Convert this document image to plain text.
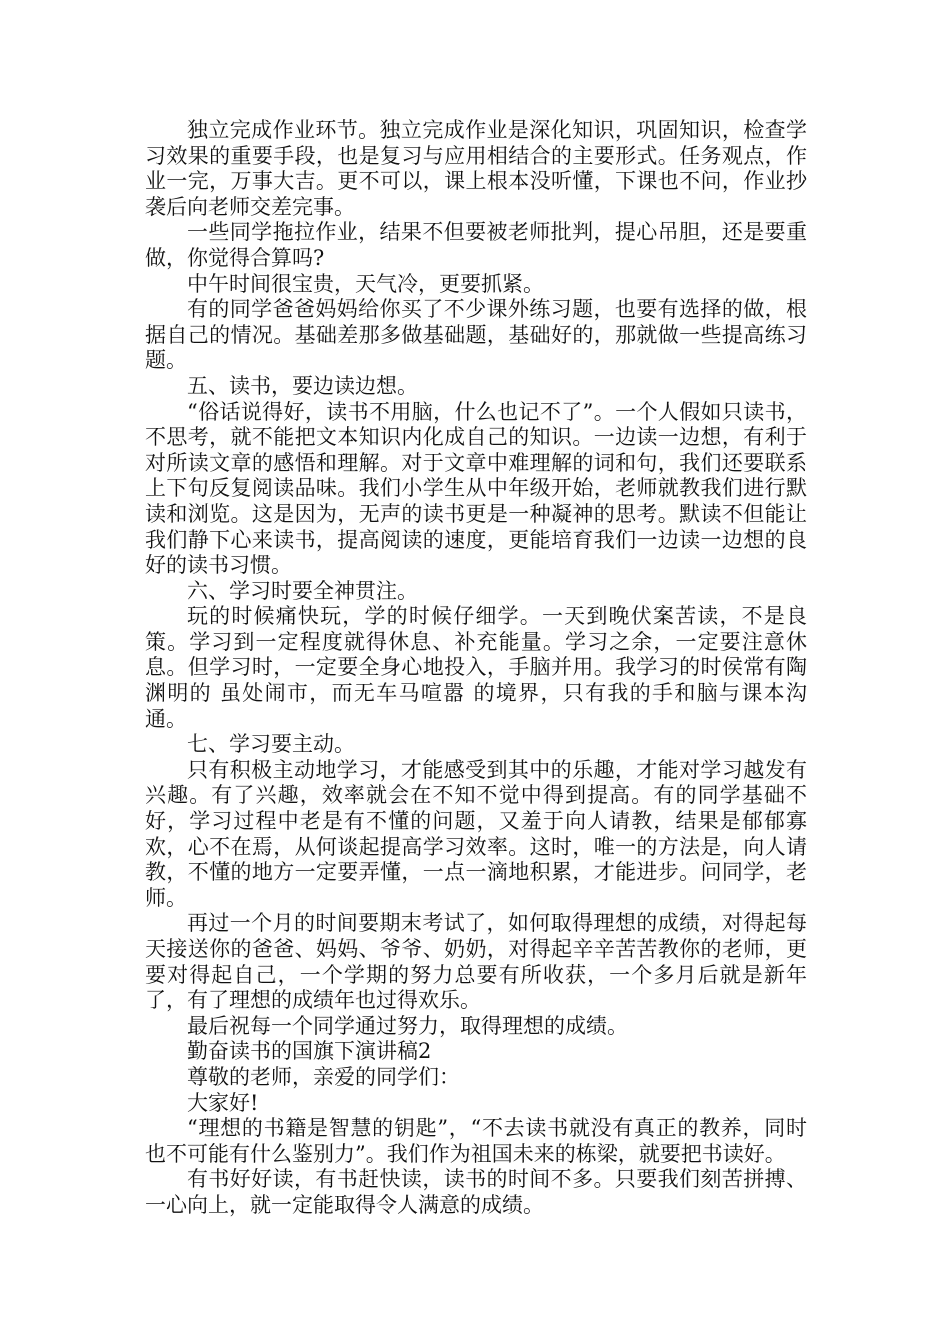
独立完成作业环节。独立完成作业是深化知识，巩固知识，检查学习效果的重要手段，也是复习与应用相结合的主要形式。任务观点，作业一完，万事大吉。更不可以，课上根本没听懂，下课也不问，作业抄袭后向老师交差完事。

一些同学拖拉作业，结果不但要被老师批判，提心吊胆，还是要重做，你觉得合算吗?

中午时间很宝贵，天气冷，更要抓紧。

有的同学爸爸妈妈给你买了不少课外练习题，也要有选择的做，根据自己的情况。基础差那多做基础题，基础好的，那就做一些提高练习题。

五、读书，要边读边想。

“俗话说得好，读书不用脑，什么也记不了”。一个人假如只读书，不思考，就不能把文本知识内化成自己的知识。一边读一边想，有利于对所读文章的感悟和理解。对于文章中难理解的词和句，我们还要联系上下句反复阅读品味。我们小学生从中年级开始，老师就教我们进行默读和浏览。这是因为，无声的读书更是一种凝神的思考。默读不但能让我们静下心来读书，提高阅读的速度，更能培育我们一边读一边想的良好的读书习惯。

六、学习时要全神贯注。

玩的时候痛快玩，学的时候仔细学。一天到晚伏案苦读，不是良策。学习到一定程度就得休息、补充能量。学习之余，一定要注意休息。但学习时，一定要全身心地投入，手脑并用。我学习的时侯常有陶渊明的 虽处闹市，而无车马喧嚣 的境界，只有我的手和脑与课本沟通。

七、学习要主动。

只有积极主动地学习，才能感受到其中的乐趣，才能对学习越发有兴趣。有了兴趣，效率就会在不知不觉中得到提高。有的同学基础不好，学习过程中老是有不懂的问题，又羞于向人请教，结果是郁郁寡欢，心不在焉，从何谈起提高学习效率。这时，唯一的方法是，向人请教，不懂的地方一定要弄懂，一点一滴地积累，才能进步。问同学，老师。

再过一个月的时间要期末考试了，如何取得理想的成绩，对得起每天接送你的爸爸、妈妈、爷爷、奶奶，对得起辛辛苦苦教你的老师，更要对得起自己，一个学期的努力总要有所收获，一个多月后就是新年了，有了理想的成绩年也过得欢乐。

最后祝每一个同学通过努力，取得理想的成绩。

勤奋读书的国旗下演讲稿2

尊敬的老师，亲爱的同学们：

大家好!

“理想的书籍是智慧的钥匙”，“不去读书就没有真正的教养，同时也不可能有什么鉴别力”。我们作为祖国未来的栋梁，就要把书读好。

有书好好读，有书赶快读，读书的时间不多。只要我们刻苦拼搏、一心向上，就一定能取得令人满意的成绩。
